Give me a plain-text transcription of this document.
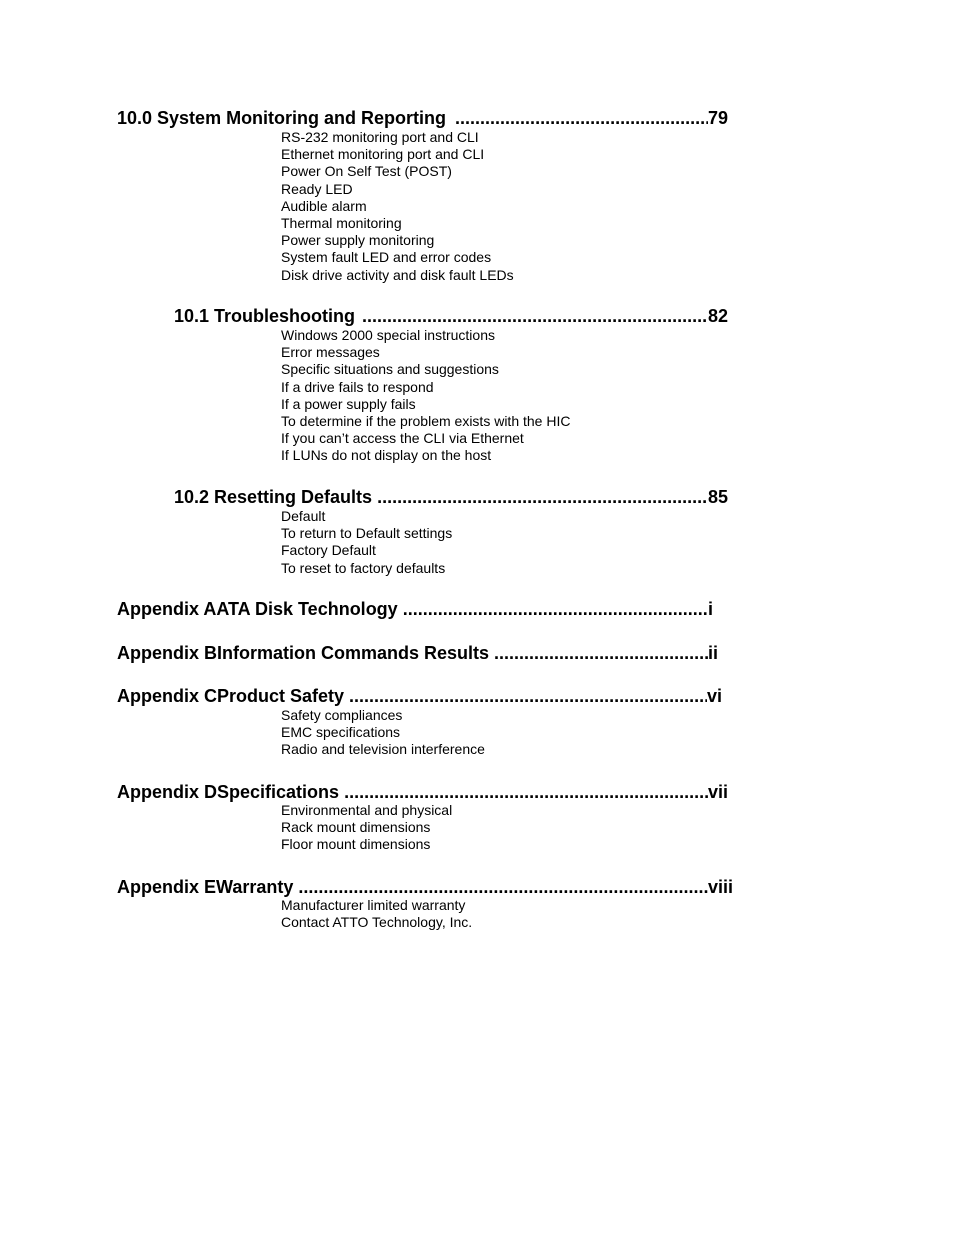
10.0 System Monitoring and Reporting .....	79
RS-232 monitoring port and CLI
Ethernet monitoring port and CLI
Power On Self Test (POST)
Ready LED
Audible alarm
Thermal monitoring
Power supply monitoring
System fault LED and error codes
Disk drive activity and disk fault LEDs
10.1 Troubleshooting .....	82
Windows 2000 special instructions
Error messages
Specific situations and suggestions
If a drive fails to respond
If a power supply fails
To determine if the problem exists with the HIC
If you can’t access the CLI via Ethernet
If LUNs do not display on the host
10.2 Resetting Defaults .....	85
Default
To return to Default settings
Factory Default
To reset to factory defaults
Appendix A ATA Disk Technology .....	i
Appendix B Information Commands Results .....	ii
Appendix C Product Safety .....	vi
Safety compliances
EMC specifications
Radio and television interference
Appendix D Specifications .....	vii
Environmental and physical
Rack mount dimensions
Floor mount dimensions
Appendix E Warranty .....	viii
Manufacturer limited warranty
Contact ATTO Technology, Inc.
